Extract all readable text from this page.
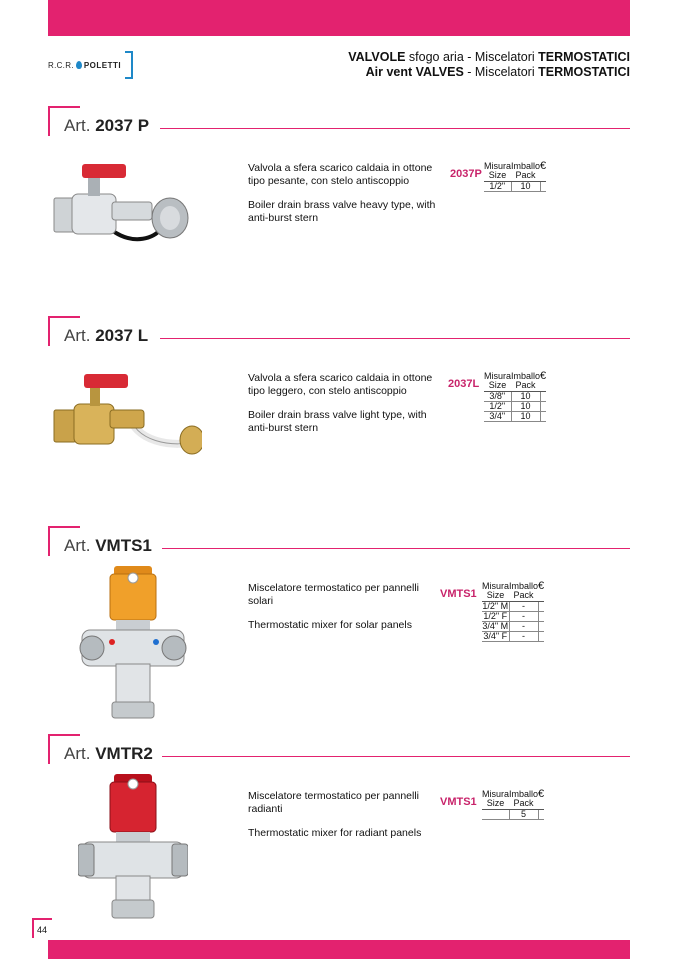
R.C.R. POLETTI
VALVOLE sfogo aria - Miscelatori TERMOSTATICI
Air vent VALVES - Miscelatori TERMOSTATICI
Art. 2037 P

Valvola a sfera scarico caldaia in ottone tipo pesante, con stelo antiscoppio

Boiler drain brass valve heavy type, with anti-burst stern

2037P
Misura
Size	Imballo
Pack	€
1/2"	10	
Art. 2037 L

Valvola a sfera scarico caldaia in ottone tipo leggero, con stelo antiscoppio

Boiler drain brass valve light type, with anti-burst stern

2037L
Misura
Size	Imballo
Pack	€
3/8"	10	
1/2"	10	
3/4"	10	
Art. VMTS1

Miscelatore termostatico per pannelli solari

Thermostatic mixer for solar panels

VMTS1
Misura
Size	Imballo
Pack	€
1/2" M	-	
1/2" F	-	
3/4" M	-	
3/4" F	-	
Art. VMTR2

Miscelatore termostatico per pannelli radianti

Thermostatic mixer for radiant panels

VMTS1
Misura
Size	Imballo
Pack	€
	5	
44
